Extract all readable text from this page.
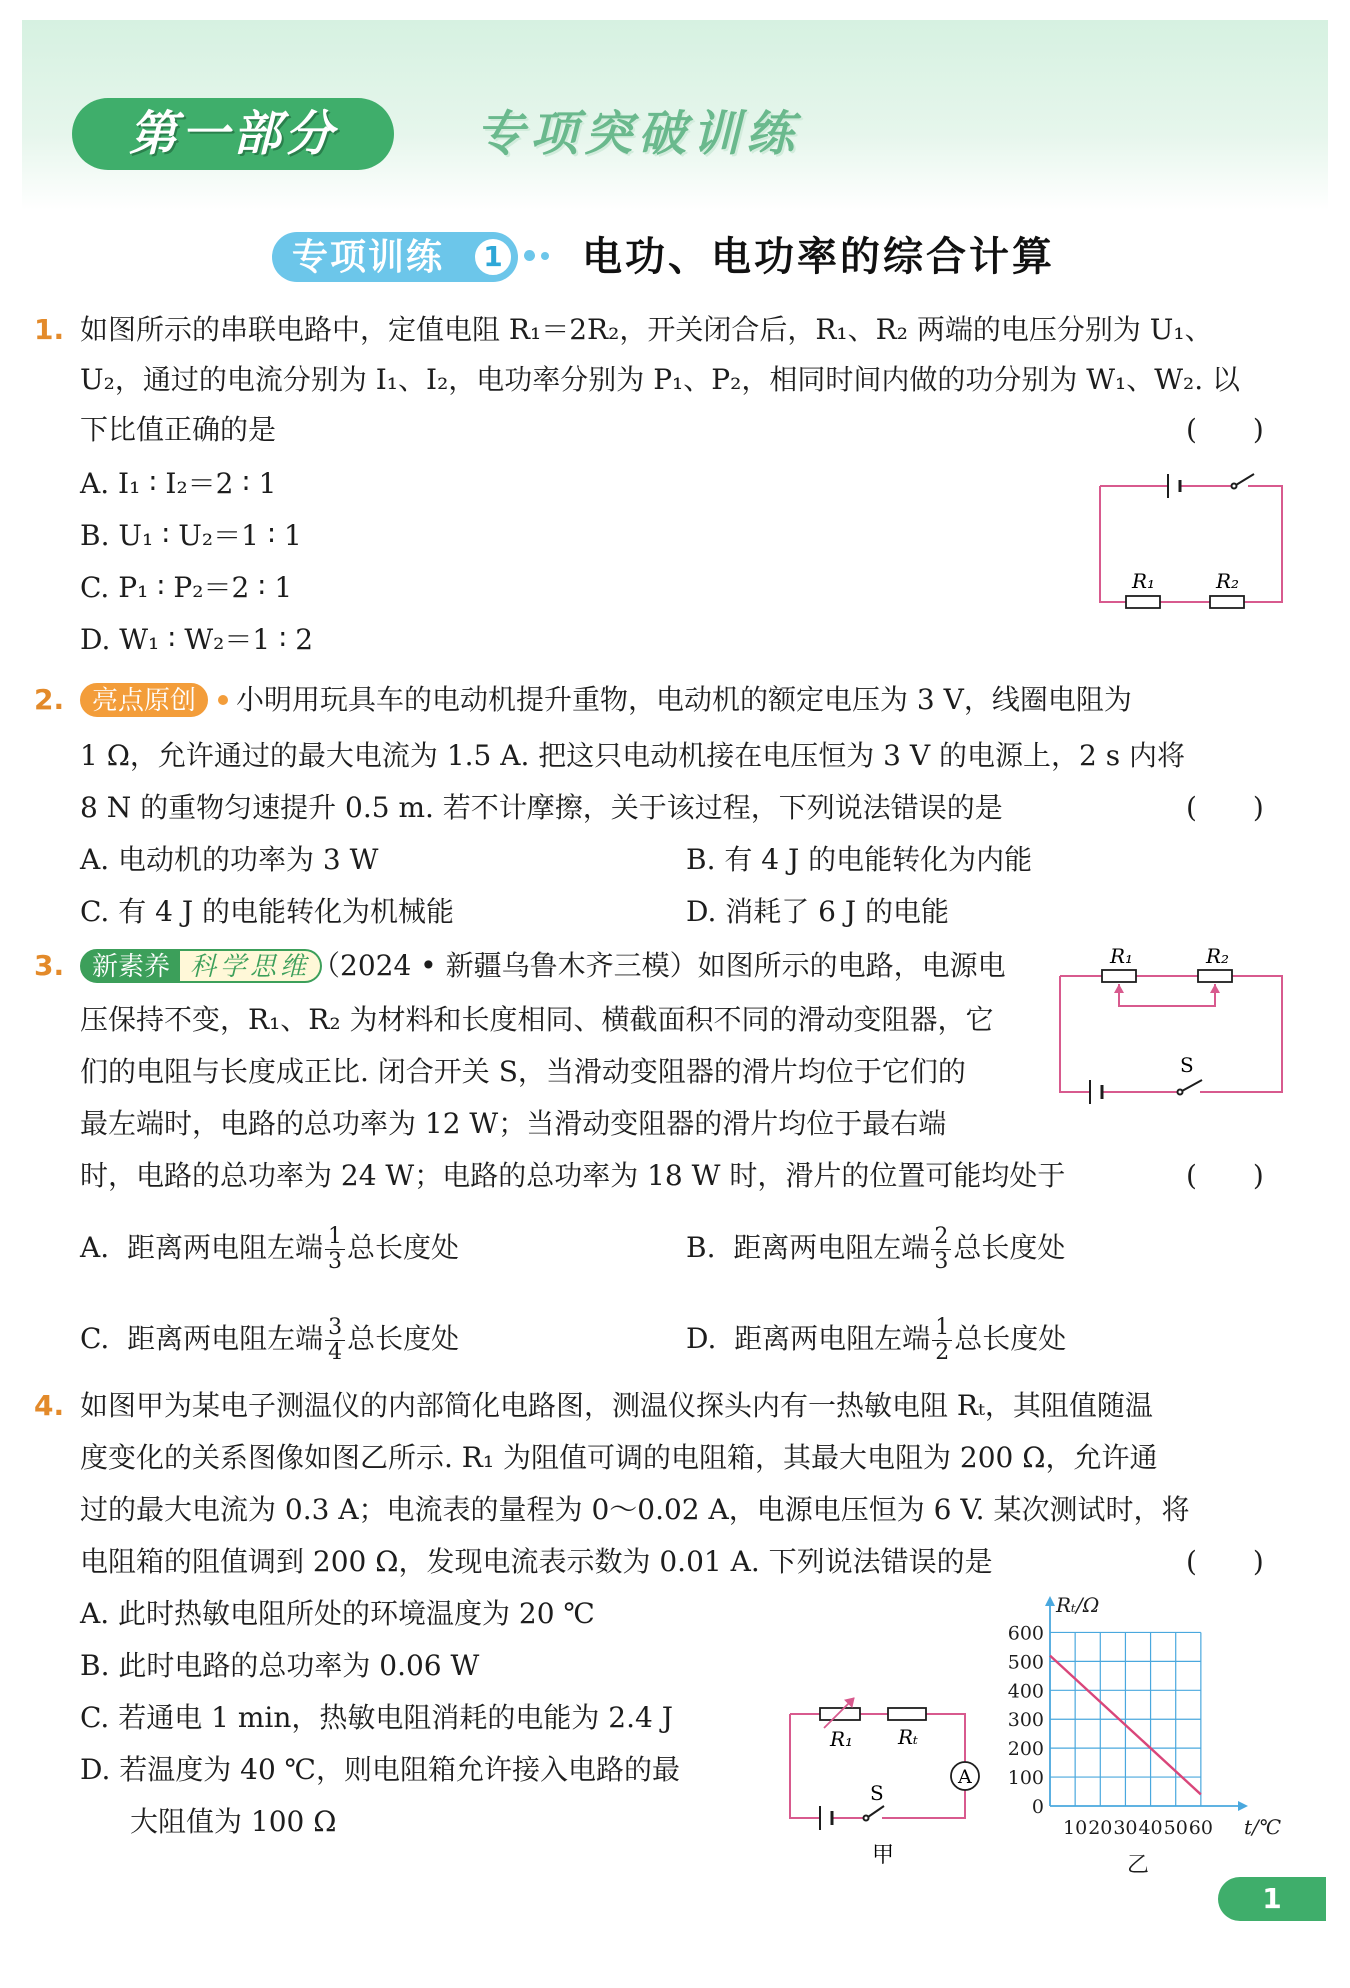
第一部分	专项突破训练
专项训练	1 电功、电功率的综合计算
1. 如图所示的串联电路中，定值电阻 R₁＝2R₂，开关闭合后，R₁、R₂ 两端的电压分别为 U₁、
U₂，通过的电流分别为 I₁、I₂，电功率分别为 P₁、P₂，相同时间内做的功分别为 W₁、W₂. 以
下比值正确的是	(　　)
A. I₁ ∶ I₂＝2 ∶ 1
B. U₁ ∶ U₂＝1 ∶ 1
C. P₁ ∶ P₂＝2 ∶ 1
D. W₁ ∶ W₂＝1 ∶ 2
R₁	R₂
2.	亮点原创	小明用玩具车的电动机提升重物，电动机的额定电压为 3 V，线圈电阻为
1 Ω，允许通过的最大电流为 1.5 A. 把这只电动机接在电压恒为 3 V 的电源上，2 s 内将
8 N 的重物匀速提升 0.5 m. 若不计摩擦，关于该过程，下列说法错误的是	(　　)
A. 电动机的功率为 3 W	B. 有 4 J 的电能转化为内能
C. 有 4 J 的电能转化为机械能	D. 消耗了 6 J 的电能
3.	新素养 科学思维 （2024 • 新疆乌鲁木齐三模）如图所示的电路，电源电
压保持不变，R₁、R₂ 为材料和长度相同、横截面积不同的滑动变阻器，它
们的电阻与长度成正比. 闭合开关 S，当滑动变阻器的滑片均位于它们的
最左端时，电路的总功率为 12 W；当滑动变阻器的滑片均位于最右端
时，电路的总功率为 24 W；电路的总功率为 18 W 时，滑片的位置可能均处于	(　　)
A. 距离两电阻左端 $\frac{1}{3}$ 总长度处	B. 距离两电阻左端 $\frac{2}{3}$ 总长度处
C. 距离两电阻左端 $\frac{3}{4}$ 总长度处	D. 距离两电阻左端 $\frac{1}{2}$ 总长度处
R₁	R₂
S
4. 如图甲为某电子测温仪的内部简化电路图，测温仪探头内有一热敏电阻 Rₜ，其阻值随温
度变化的关系图像如图乙所示. R₁ 为阻值可调的电阻箱，其最大电阻为 200 Ω，允许通
过的最大电流为 0.3 A；电流表的量程为 0～0.02 A，电源电压恒为 6 V. 某次测试时，将
电阻箱的阻值调到 200 Ω，发现电流表示数为 0.01 A. 下列说法错误的是	(　　)
A. 此时热敏电阻所处的环境温度为 20 ℃
B. 此时电路的总功率为 0.06 W
C. 若通电 1 min，热敏电阻消耗的电能为 2.4 J
D. 若温度为 40 ℃，则电阻箱允许接入电路的最
大阻值为 100 Ω
A
R₁ Rₜ
S
甲
0
100
200
300
400
500
600
10 20 30 40 50 60
Rₜ/Ω
t/℃
乙
1
